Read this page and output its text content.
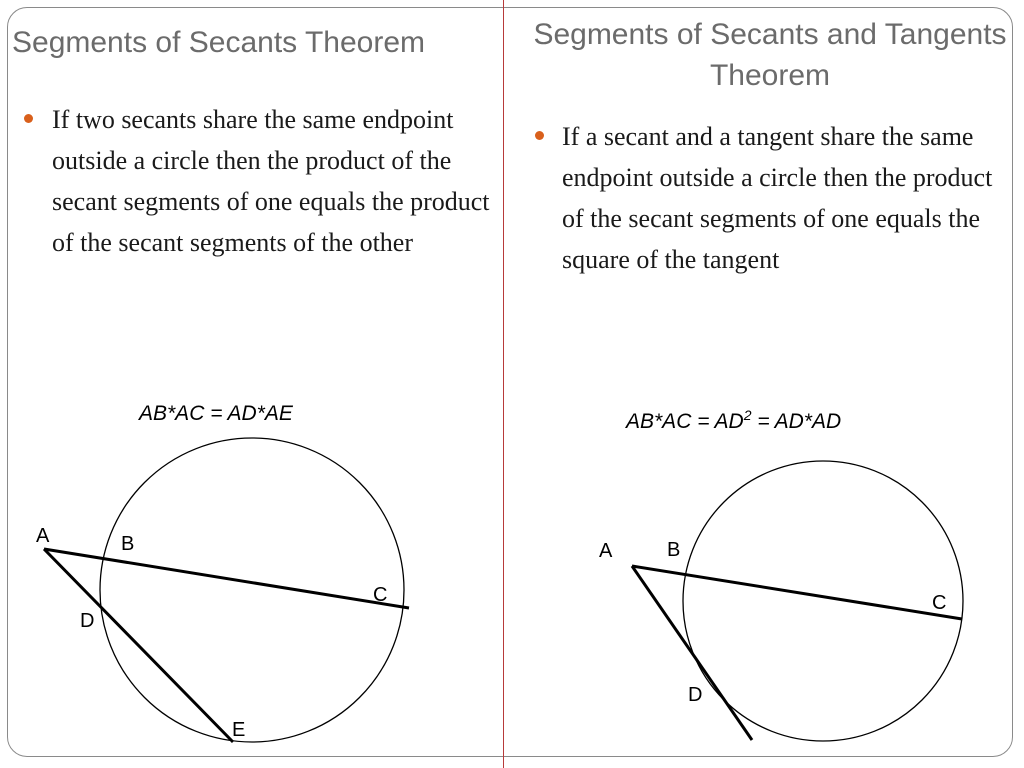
Segments of Secants Theorem
If two secants share the same endpoint outside a circle then the product of the secant segments of one equals the product of the secant segments of the other
AB*AC = AD*AE
Segments of Secants and Tangents Theorem
If a secant and a tangent share the same endpoint outside a circle then the product of the secant segments of one equals the square of the tangent
$AB*AC = AD^2 = AD*AD$
A	B
C
D
E
A	B
C
D
